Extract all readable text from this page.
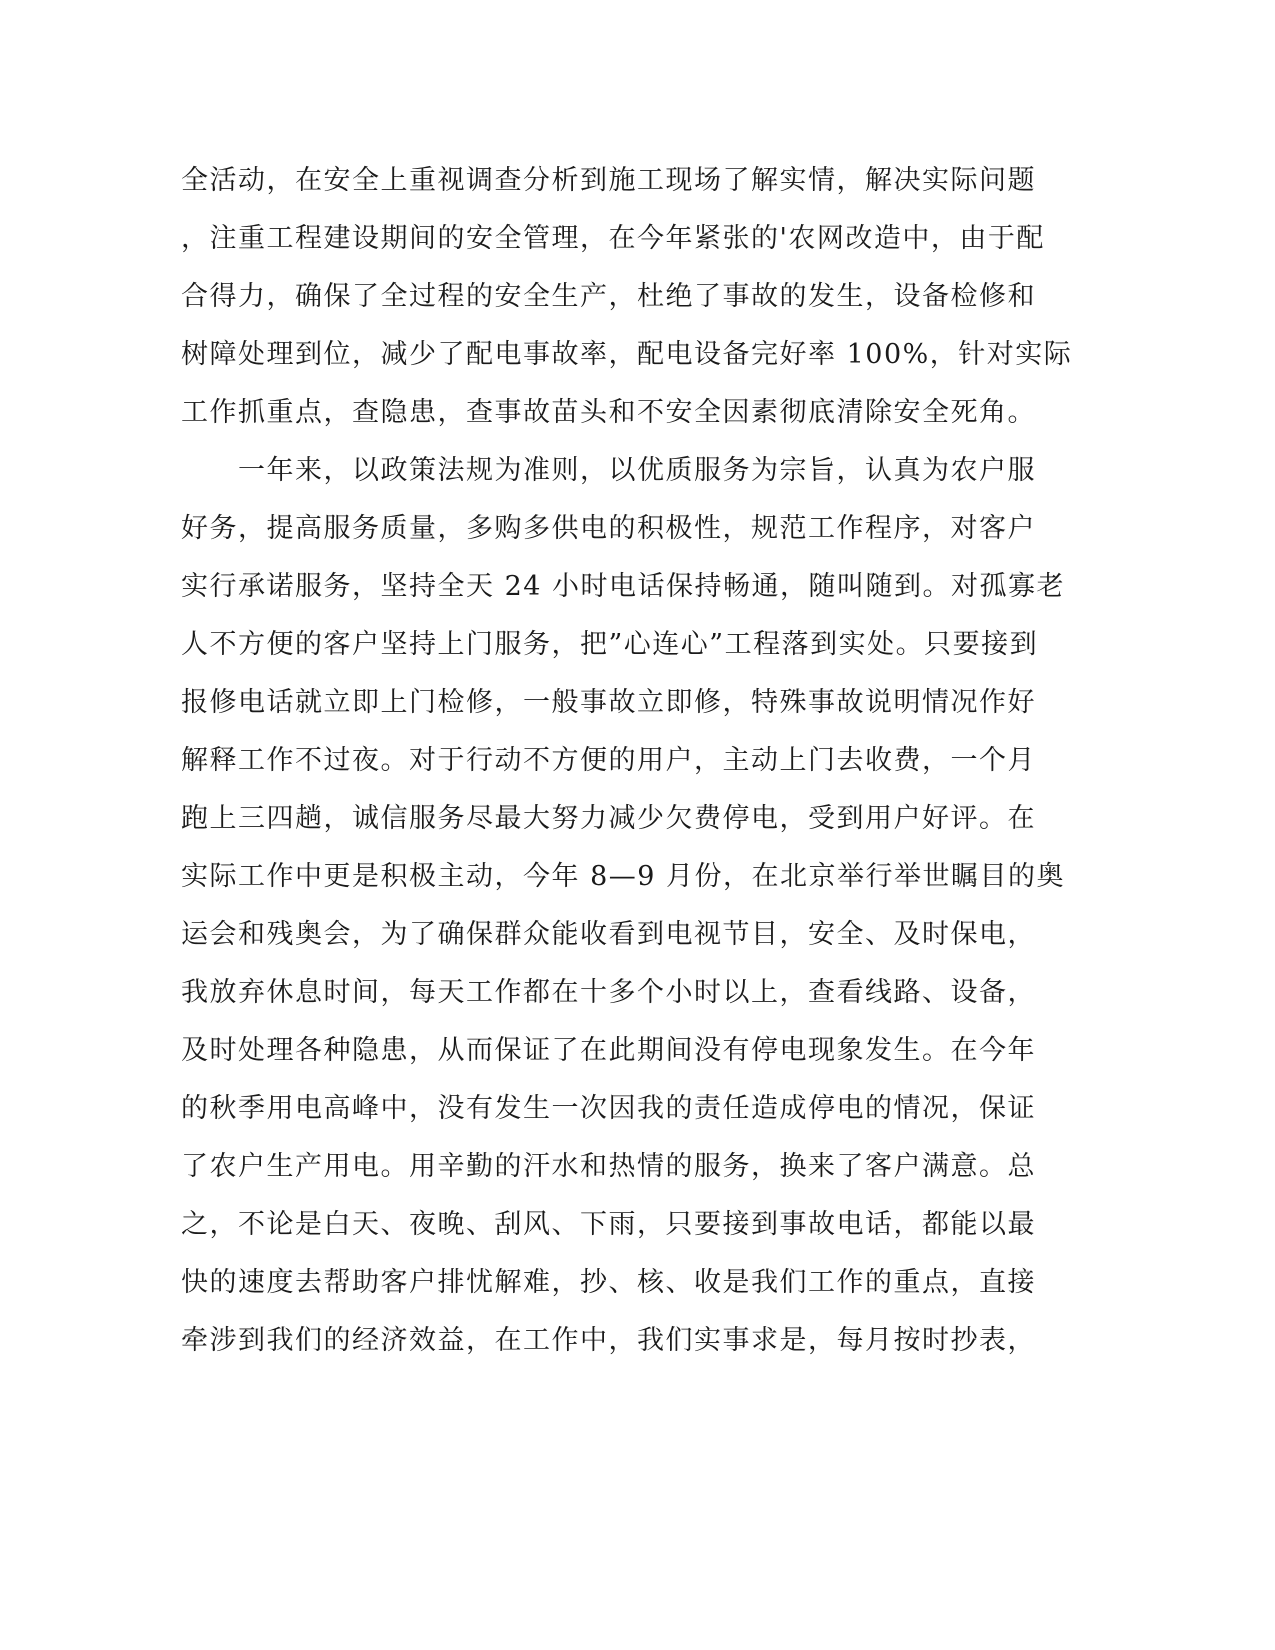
全活动，在安全上重视调查分析到施工现场了解实情，解决实际问题
，注重工程建设期间的安全管理，在今年紧张的'农网改造中，由于配
合得力，确保了全过程的安全生产，杜绝了事故的发生，设备检修和
树障处理到位，减少了配电事故率，配电设备完好率 100%，针对实际
工作抓重点，查隐患，查事故苗头和不安全因素彻底清除安全死角。
　　一年来，以政策法规为准则，以优质服务为宗旨，认真为农户服
好务，提高服务质量，多购多供电的积极性，规范工作程序，对客户
实行承诺服务，坚持全天 24 小时电话保持畅通，随叫随到。对孤寡老
人不方便的客户坚持上门服务，把”心连心”工程落到实处。只要接到
报修电话就立即上门检修，一般事故立即修，特殊事故说明情况作好
解释工作不过夜。对于行动不方便的用户，主动上门去收费，一个月
跑上三四趟，诚信服务尽最大努力减少欠费停电，受到用户好评。在
实际工作中更是积极主动，今年 8—9 月份，在北京举行举世瞩目的奥
运会和残奥会，为了确保群众能收看到电视节目，安全、及时保电，
我放弃休息时间，每天工作都在十多个小时以上，查看线路、设备，
及时处理各种隐患，从而保证了在此期间没有停电现象发生。在今年
的秋季用电高峰中，没有发生一次因我的责任造成停电的情况，保证
了农户生产用电。用辛勤的汗水和热情的服务，换来了客户满意。总
之，不论是白天、夜晚、刮风、下雨，只要接到事故电话，都能以最
快的速度去帮助客户排忧解难，抄、核、收是我们工作的重点，直接
牵涉到我们的经济效益，在工作中，我们实事求是，每月按时抄表，
